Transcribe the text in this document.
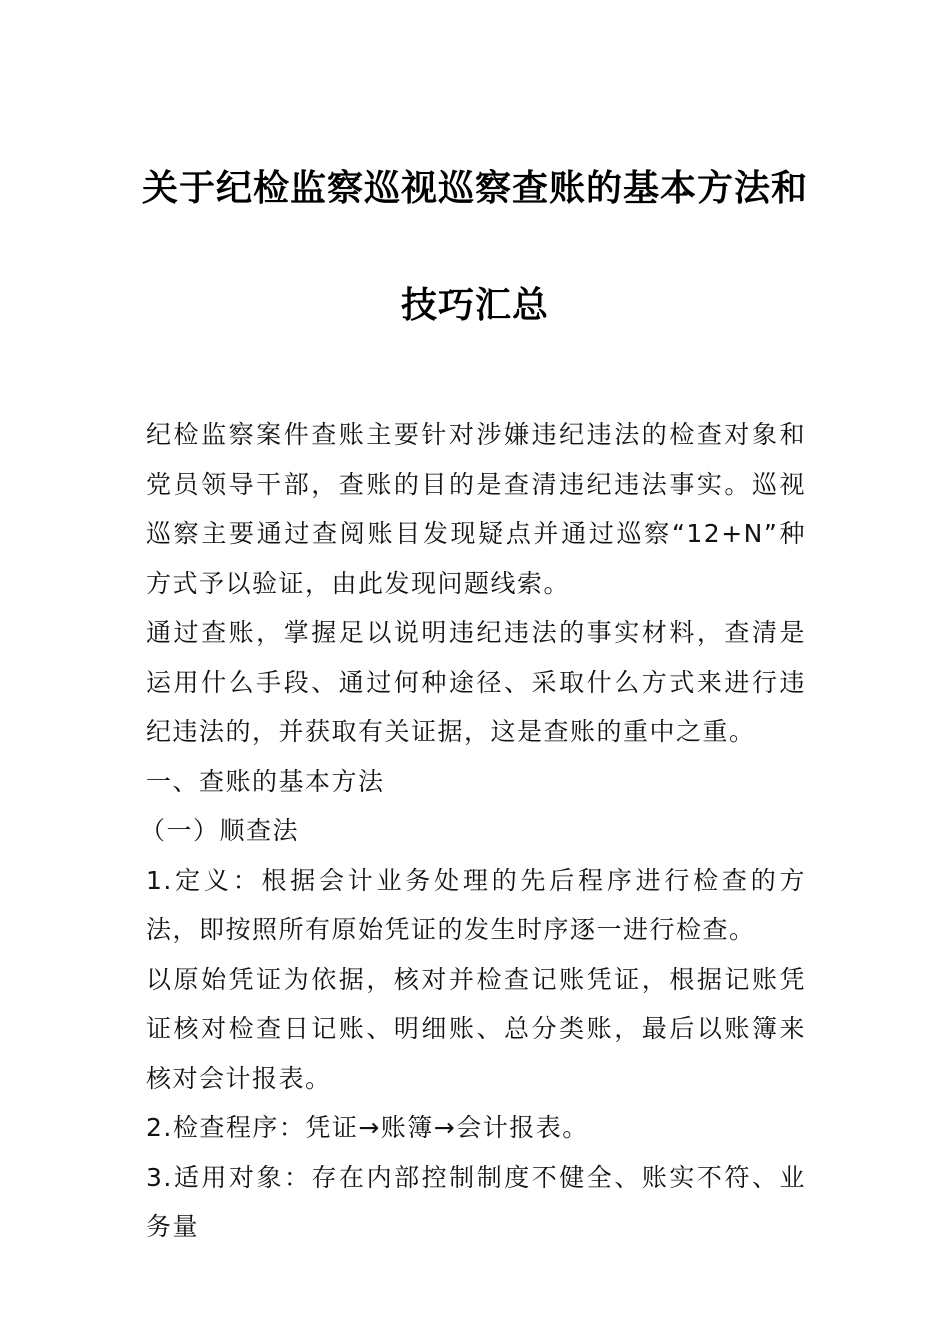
关于纪检监察巡视巡察查账的基本方法和
技巧汇总

纪检监察案件查账主要针对涉嫌违纪违法的检查对象和党员领导干部，查账的目的是查清违纪违法事实。巡视巡察主要通过查阅账目发现疑点并通过巡察“12+N”种方式予以验证，由此发现问题线索。

通过查账，掌握足以说明违纪违法的事实材料，查清是运用什么手段、通过何种途径、采取什么方式来进行违纪违法的，并获取有关证据，这是查账的重中之重。

一、查账的基本方法

（一）顺查法

1.定义：根据会计业务处理的先后程序进行检查的方法，即按照所有原始凭证的发生时序逐一进行检查。

以原始凭证为依据，核对并检查记账凭证，根据记账凭证核对检查日记账、明细账、总分类账，最后以账簿来核对会计报表。

2.检查程序：凭证→账簿→会计报表。

3.适用对象：存在内部控制制度不健全、账实不符、业务量
